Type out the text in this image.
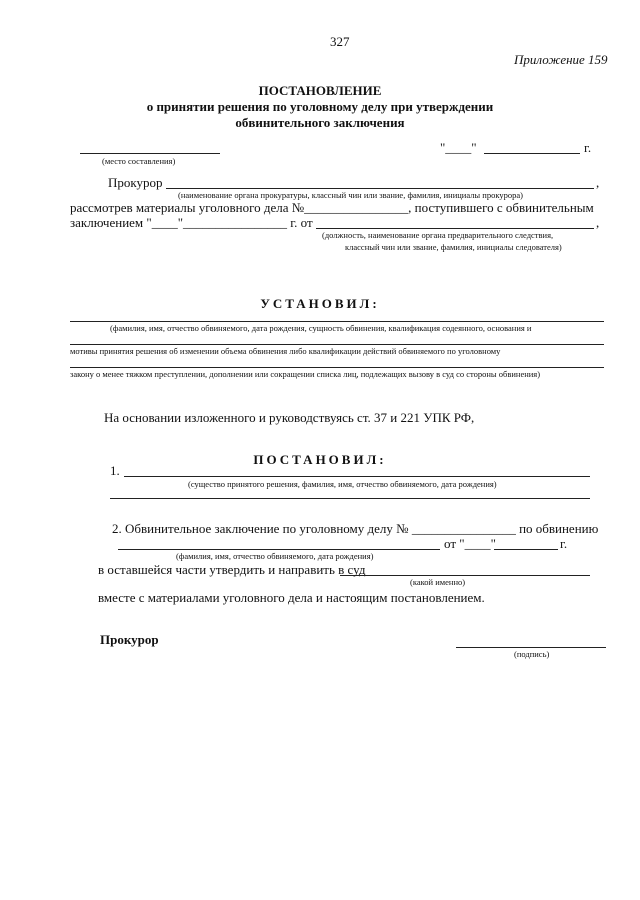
327
Приложение 159
ПОСТАНОВЛЕНИЕ
о принятии решения по уголовному делу при утверждении
обвинительного заключения
(место составления)
"____"	г.
Прокурор	,
(наименование органа прокуратуры, классный чин или звание, фамилия, инициалы прокурора)
рассмотрев материалы уголовного дела №________________, поступившего с обвинительным
заключением "____"________________ г. от	,
(должность, наименование органа предварительного следствия,
классный чин или звание, фамилия, инициалы следователя)
УСТАНОВИЛ:
(фамилия, имя, отчество обвиняемого, дата рождения, сущность обвинения, квалификация содеянного, основания и
мотивы принятия решения об изменении объема обвинения либо квалификации действий обвиняемого по уголовному
закону о менее тяжком преступлении, дополнении или сокращении списка лиц, подлежащих вызову в суд со стороны обвинения)
На основании изложенного и руководствуясь ст. 37 и 221 УПК РФ,
ПОСТАНОВИЛ:
1.
(существо принятого решения, фамилия, имя, отчество обвиняемого, дата рождения)
2. Обвинительное заключение по уголовному делу № ________________ по обвинению
от "____"	г.
(фамилия, имя, отчество обвиняемого, дата рождения)
в оставшейся части утвердить и направить в суд
(какой именно)
вместе с материалами уголовного дела и настоящим постановлением.
Прокурор
(подпись)
